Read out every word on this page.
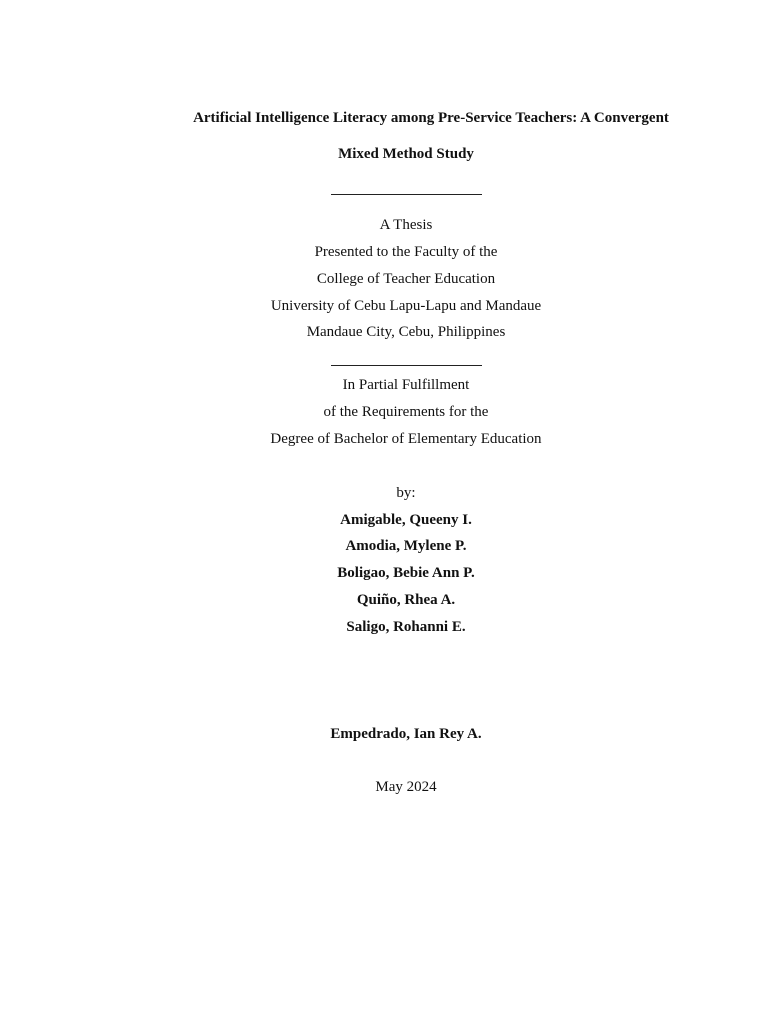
Artificial Intelligence Literacy among Pre-Service Teachers: A Convergent
Mixed Method Study
A Thesis
Presented to the Faculty of the
College of Teacher Education
University of Cebu Lapu-Lapu and Mandaue
Mandaue City, Cebu, Philippines
In Partial Fulfillment
of the Requirements for the
Degree of Bachelor of Elementary Education
by:
Amigable, Queeny I.
Amodia, Mylene P.
Boligao, Bebie Ann P.
Quiño, Rhea A.
Saligo, Rohanni E.
Empedrado, Ian Rey A.
May 2024
